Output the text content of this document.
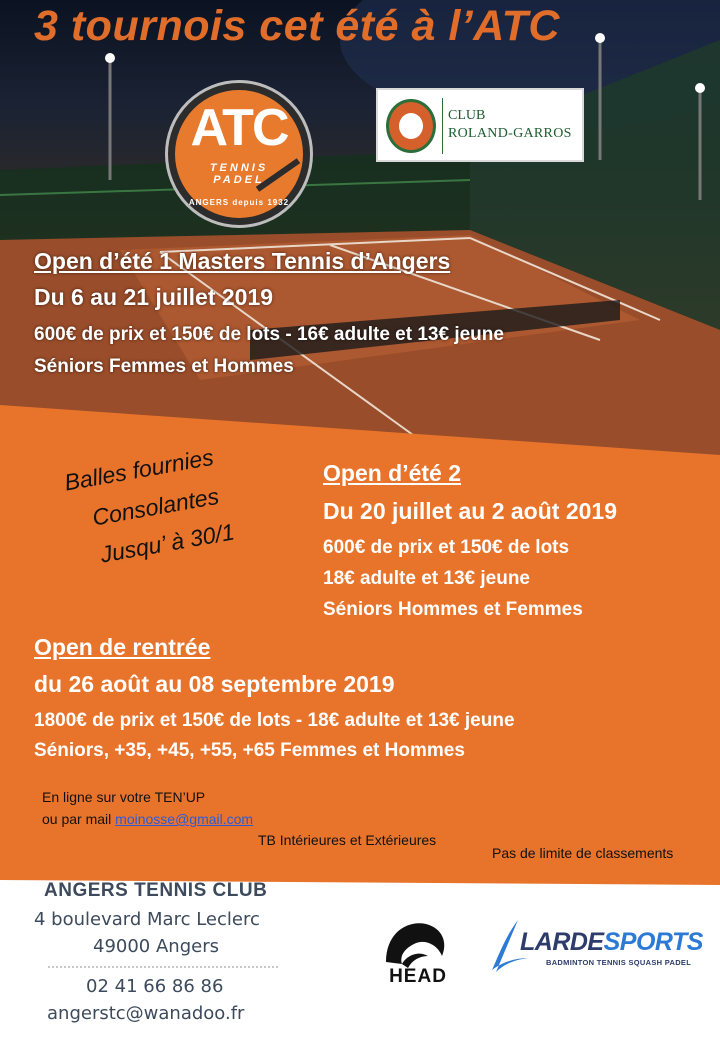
3 tournois cet été à l’ATC
ATC
TENNIS
PADEL
ANGERS depuis 1932
CLUB
ROLAND-GARROS
Open d’été 1 Masters Tennis d’Angers
Du 6 au 21 juillet 2019
600€ de prix et 150€ de lots - 16€ adulte et 13€ jeune
Séniors Femmes et Hommes
Balles fournies
Consolantes
Jusqu’ à 30/1
Open d’été 2
Du 20 juillet au 2 août 2019
600€ de prix et 150€ de lots
18€ adulte et 13€ jeune
Séniors Hommes et Femmes
Open de rentrée
du 26 août au 08 septembre 2019
1800€ de prix et 150€ de lots - 18€ adulte et 13€ jeune
Séniors, +35, +45, +55, +65 Femmes et Hommes
En ligne sur votre TEN’UP
ou par mail moinosse@gmail.com
TB Intérieures et Extérieures
Pas de limite de classements
ANGERS TENNIS CLUB
4 boulevard Marc Leclerc
49000 Angers
02 41 66 86 86
angerstc@wanadoo.fr
HEAD
LARDESPORTS
BADMINTON TENNIS SQUASH PADEL
